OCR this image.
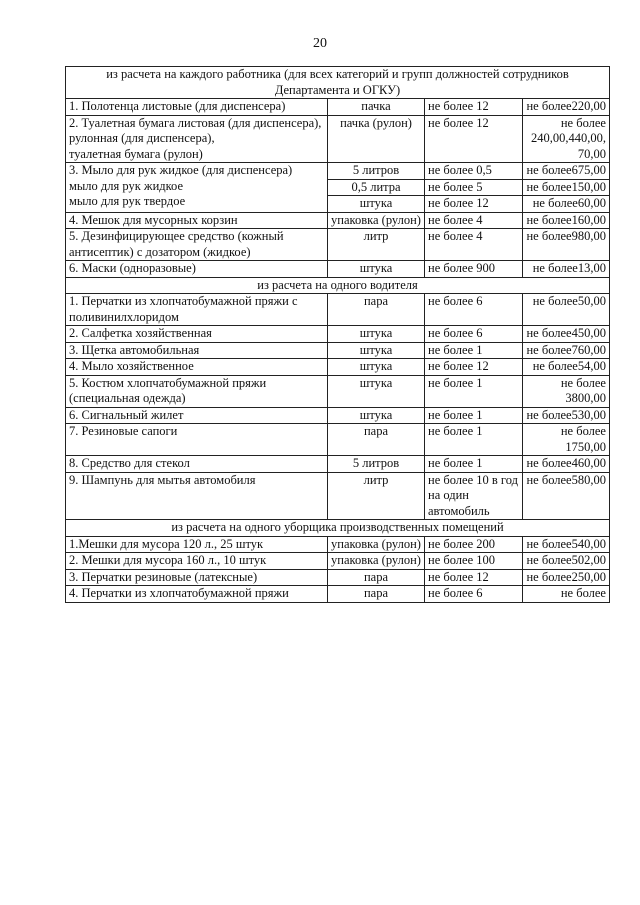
20
из расчета на каждого работника (для всех категорий и групп должностей сотрудников Департамента и ОГКУ)			

1. Полотенца листовые (для диспенсера)	пачка	не более 12	не более220,00

2. Туалетная бумага листовая (для диспенсера),
рулонная (для диспенсера),
туалетная бумага (рулон)	пачка (рулон)	не более 12	не более240,00,440,00,70,00

3. Мыло для рук жидкое (для диспенсера)
мыло для рук жидкое
мыло для рук твердое	5 литров	не более 0,5	не более675,00

	0,5 литра	не более 5	не более150,00

	штука	не более 12	не более60,00

4. Мешок для мусорных корзин	упаковка (рулон)	не более 4	не более160,00

5. Дезинфицирующее средство (кожный антисептик) с дозатором (жидкое)	литр	не более 4	не более980,00

6. Маски (одноразовые)	штука	не более 900	не более13,00
из расчета на одного водителя			

1. Перчатки из хлопчатобумажной пряжи с поливинилхлоридом	пара	не более 6	не более50,00

2. Салфетка хозяйственная	штука	не более 6	не более450,00

3. Щетка автомобильная	штука	не более 1	не более760,00

4. Мыло хозяйственное	штука	не более 12	не более54,00

5. Костюм хлопчатобумажной пряжи (специальная одежда)	штука	не более 1	не более3800,00

6. Сигнальный жилет	штука	не более 1	не более530,00

7. Резиновые сапоги	пара	не более 1	не более1750,00

8. Средство для стекол	5 литров	не более 1	не более460,00

9. Шампунь для мытья автомобиля	литр	не более 10 в год на один автомобиль	не более580,00
из расчета на одного уборщика производственных помещений			

1.Мешки для мусора 120 л., 25 штук	упаковка (рулон)	не более 200	не более540,00

2. Мешки для мусора 160 л., 10 штук	упаковка (рулон)	не более 100	не более502,00

3. Перчатки резиновые (латексные)	пара	не более 12	не более250,00

4. Перчатки из хлопчатобумажной пряжи	пара	не более 6	не более
